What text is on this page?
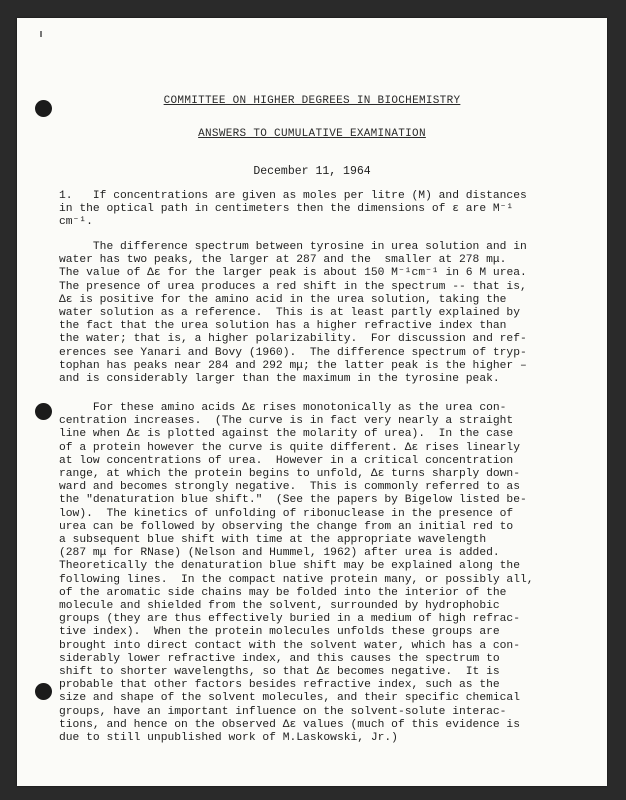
COMMITTEE ON HIGHER DEGREES IN BIOCHEMISTRY
ANSWERS TO CUMULATIVE EXAMINATION
December 11, 1964
1.   If concentrations are given as moles per litre (M) and distances
in the optical path in centimeters then the dimensions of ε are M⁻¹
cm⁻¹.
The difference spectrum between tyrosine in urea solution and in
water has two peaks, the larger at 287 and the  smaller at 278 mμ.
The value of Δε for the larger peak is about 150 M⁻¹cm⁻¹ in 6 M urea.
The presence of urea produces a red shift in the spectrum -- that is,
Δε is positive for the amino acid in the urea solution, taking the
water solution as a reference.  This is at least partly explained by
the fact that the urea solution has a higher refractive index than
the water; that is, a higher polarizability.  For discussion and ref-
erences see Yanari and Bovy (1960).  The difference spectrum of tryp-
tophan has peaks near 284 and 292 mμ; the latter peak is the higher –
and is considerably larger than the maximum in the tyrosine peak.
For these amino acids Δε rises monotonically as the urea con-
centration increases.  (The curve is in fact very nearly a straight
line when Δε is plotted against the molarity of urea).  In the case
of a protein however the curve is quite different. Δε rises linearly
at low concentrations of urea.  However in a critical concentration
range, at which the protein begins to unfold, Δε turns sharply down-
ward and becomes strongly negative.  This is commonly referred to as
the "denaturation blue shift."  (See the papers by Bigelow listed be-
low).  The kinetics of unfolding of ribonuclease in the presence of
urea can be followed by observing the change from an initial red to
a subsequent blue shift with time at the appropriate wavelength
(287 mμ for RNase) (Nelson and Hummel, 1962) after urea is added.
Theoretically the denaturation blue shift may be explained along the
following lines.  In the compact native protein many, or possibly all,
of the aromatic side chains may be folded into the interior of the
molecule and shielded from the solvent, surrounded by hydrophobic
groups (they are thus effectively buried in a medium of high refrac-
tive index).  When the protein molecules unfolds these groups are
brought into direct contact with the solvent water, which has a con-
siderably lower refractive index, and this causes the spectrum to
shift to shorter wavelengths, so that Δε becomes negative.  It is
probable that other factors besides refractive index, such as the
size and shape of the solvent molecules, and their specific chemical
groups, have an important influence on the solvent-solute interac-
tions, and hence on the observed Δε values (much of this evidence is
due to still unpublished work of M.Laskowski, Jr.)
